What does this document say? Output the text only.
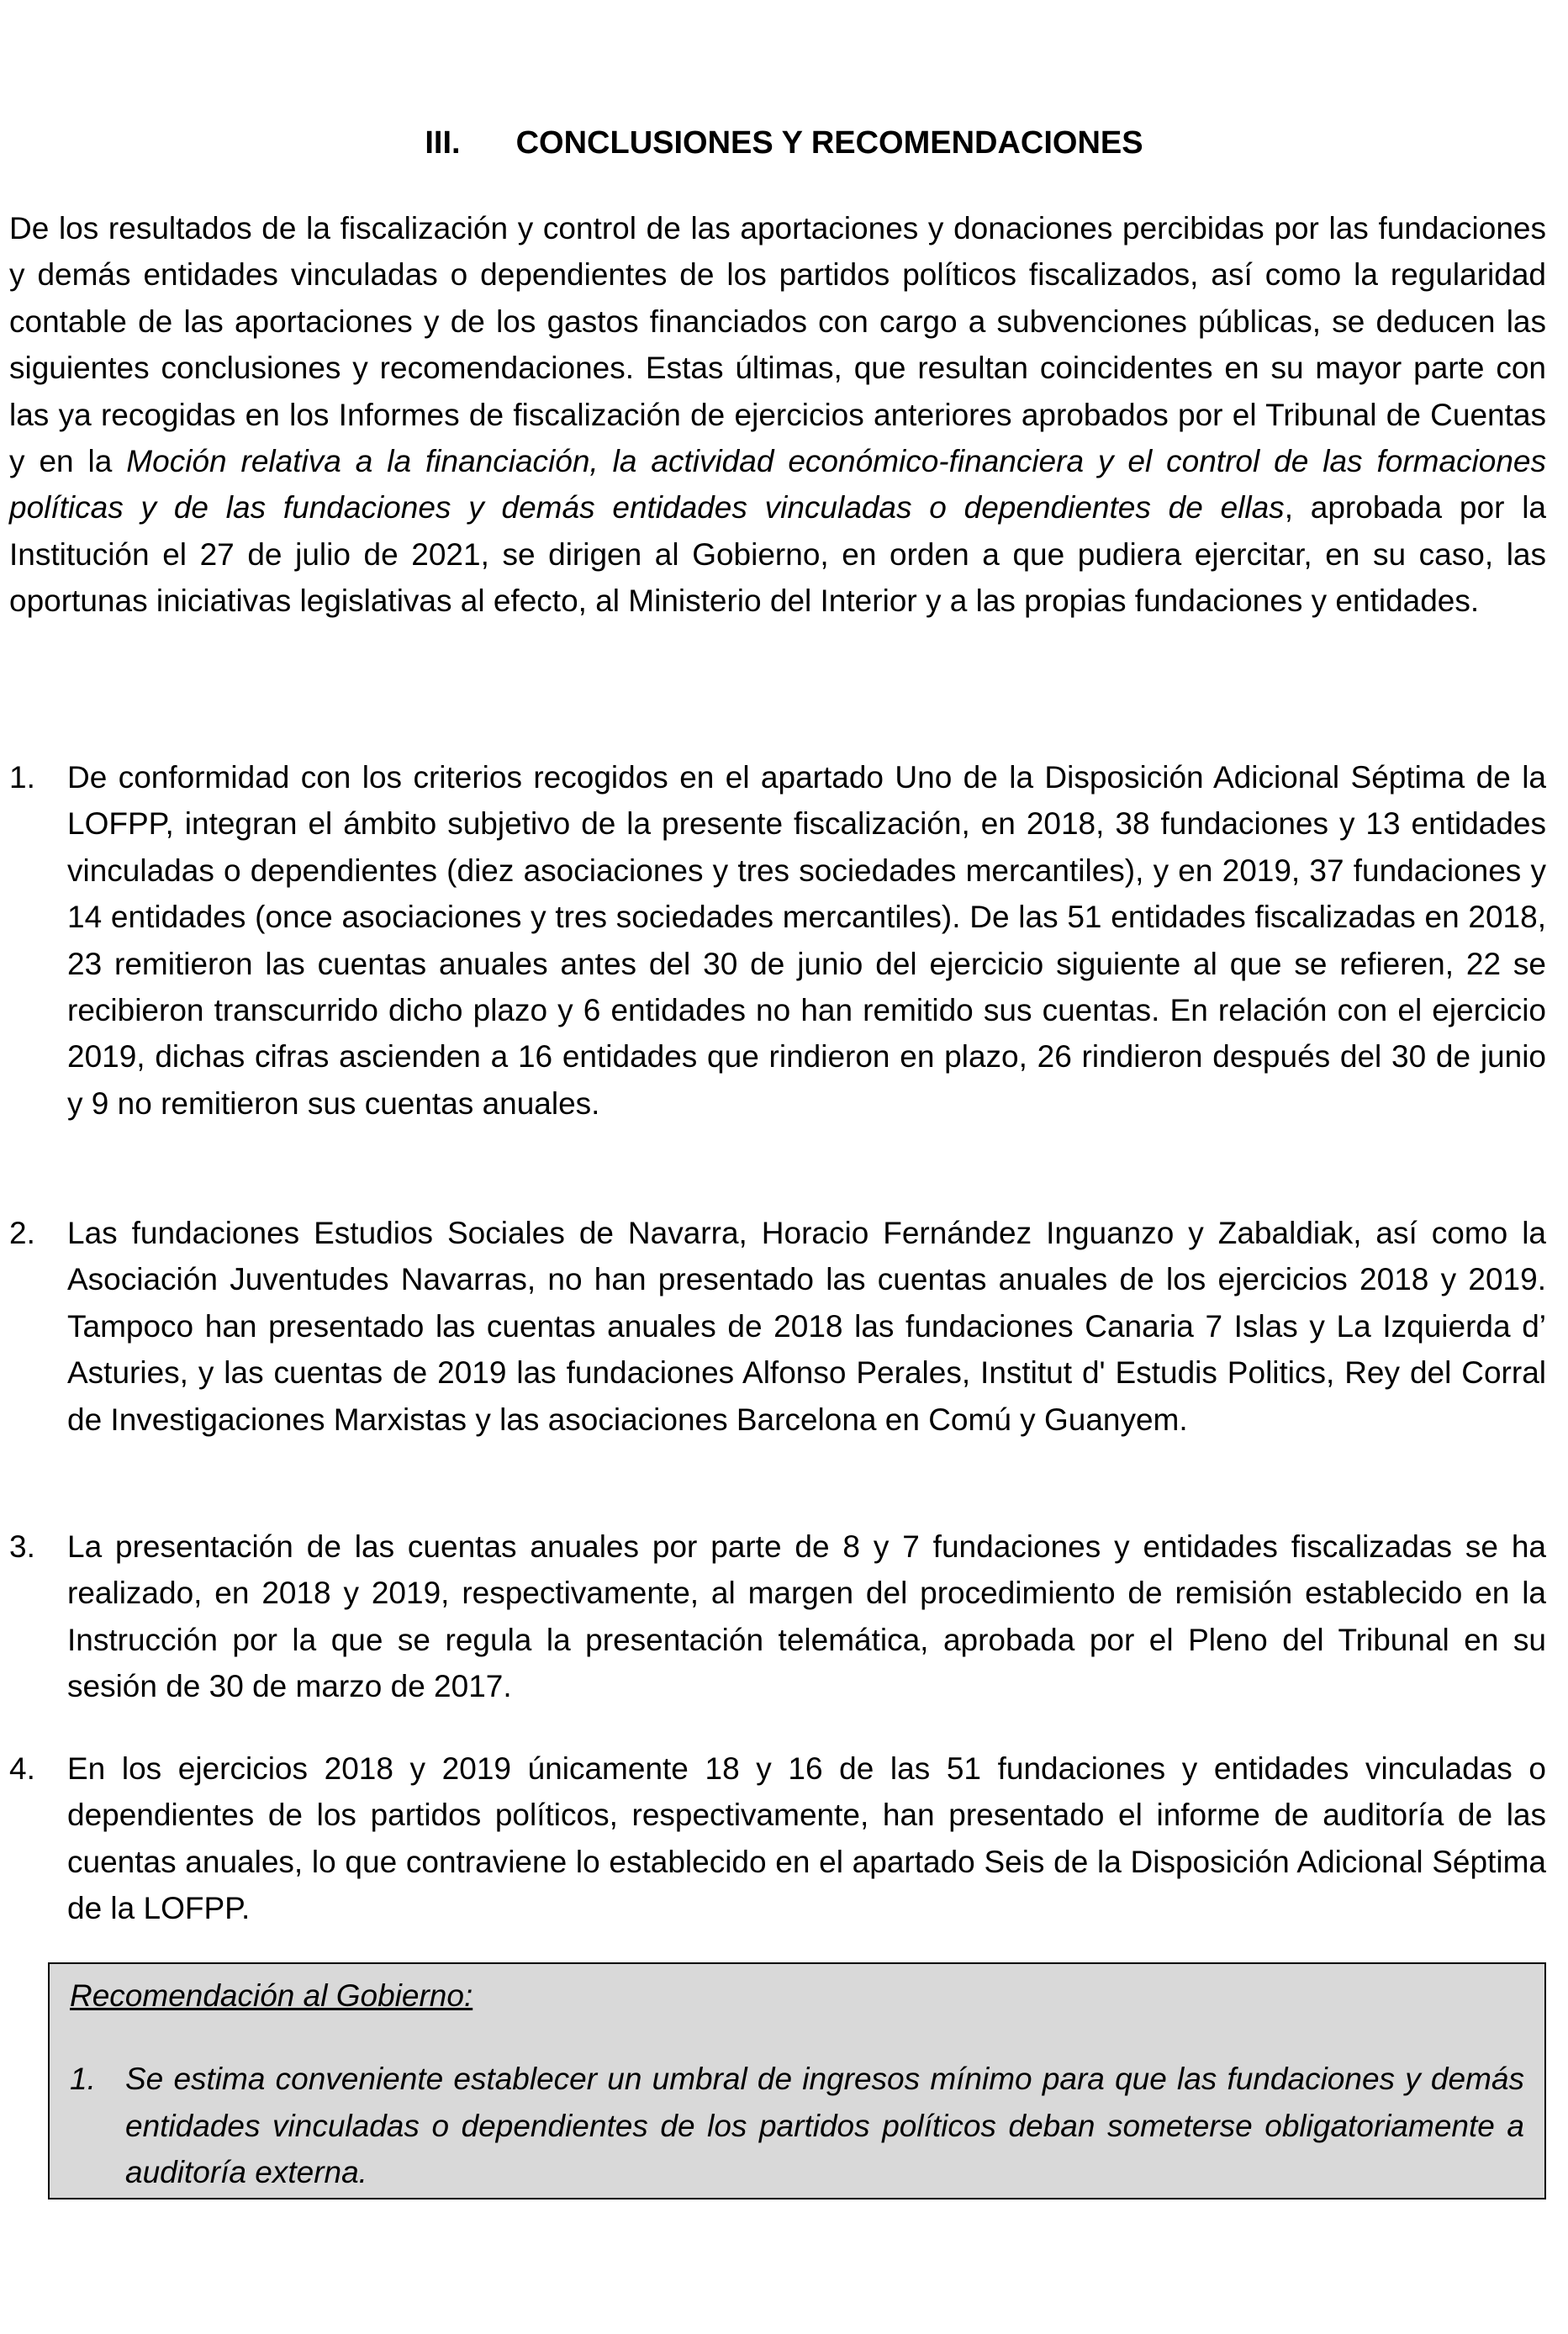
III. CONCLUSIONES Y RECOMENDACIONES

De los resultados de la fiscalización y control de las aportaciones y donaciones percibidas por las fundaciones y demás entidades vinculadas o dependientes de los partidos políticos fiscalizados, así como la regularidad contable de las aportaciones y de los gastos financiados con cargo a subvenciones públicas, se deducen las siguientes conclusiones y recomendaciones. Estas últimas, que resultan coincidentes en su mayor parte con las ya recogidas en los Informes de fiscalización de ejercicios anteriores aprobados por el Tribunal de Cuentas y en la Moción relativa a la financiación, la actividad económico-financiera y el control de las formaciones políticas y de las fundaciones y demás entidades vinculadas o dependientes de ellas, aprobada por la Institución el 27 de julio de 2021, se dirigen al Gobierno, en orden a que pudiera ejercitar, en su caso, las oportunas iniciativas legislativas al efecto, al Ministerio del Interior y a las propias fundaciones y entidades.

1. De conformidad con los criterios recogidos en el apartado Uno de la Disposición Adicional Séptima de la LOFPP, integran el ámbito subjetivo de la presente fiscalización, en 2018, 38 fundaciones y 13 entidades vinculadas o dependientes (diez asociaciones y tres sociedades mercantiles), y en 2019, 37 fundaciones y 14 entidades (once asociaciones y tres sociedades mercantiles). De las 51 entidades fiscalizadas en 2018, 23 remitieron las cuentas anuales antes del 30 de junio del ejercicio siguiente al que se refieren, 22 se recibieron transcurrido dicho plazo y 6 entidades no han remitido sus cuentas. En relación con el ejercicio 2019, dichas cifras ascienden a 16 entidades que rindieron en plazo, 26 rindieron después del 30 de junio y 9 no remitieron sus cuentas anuales.
2. Las fundaciones Estudios Sociales de Navarra, Horacio Fernández Inguanzo y Zabaldiak, así como la Asociación Juventudes Navarras, no han presentado las cuentas anuales de los ejercicios 2018 y 2019. Tampoco han presentado las cuentas anuales de 2018 las fundaciones Canaria 7 Islas y La Izquierda d’ Asturies, y las cuentas de 2019 las fundaciones Alfonso Perales, Institut d' Estudis Politics, Rey del Corral de Investigaciones Marxistas y las asociaciones Barcelona en Comú y Guanyem.
3. La presentación de las cuentas anuales por parte de 8 y 7 fundaciones y entidades fiscalizadas se ha realizado, en 2018 y 2019, respectivamente, al margen del procedimiento de remisión establecido en la Instrucción por la que se regula la presentación telemática, aprobada por el Pleno del Tribunal en su sesión de 30 de marzo de 2017.
4. En los ejercicios 2018 y 2019 únicamente 18 y 16 de las 51 fundaciones y entidades vinculadas o dependientes de los partidos políticos, respectivamente, han presentado el informe de auditoría de las cuentas anuales, lo que contraviene lo establecido en el apartado Seis de la Disposición Adicional Séptima de la LOFPP.

Recomendación al Gobierno:

1. Se estima conveniente establecer un umbral de ingresos mínimo para que las fundaciones y demás entidades vinculadas o dependientes de los partidos políticos deban someterse obligatoriamente a auditoría externa.
